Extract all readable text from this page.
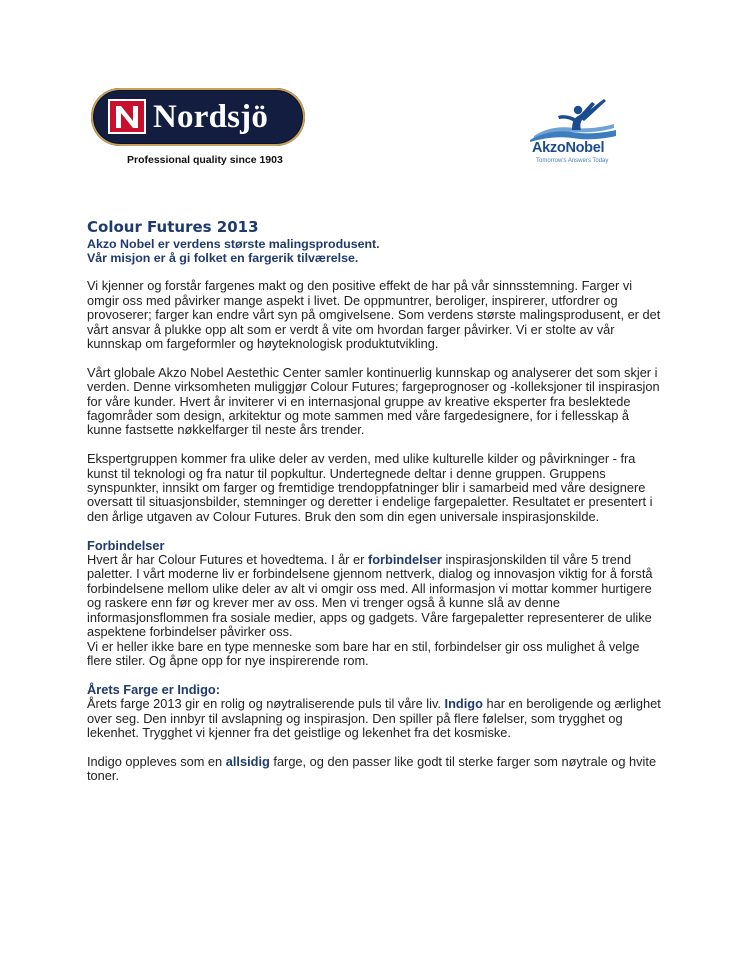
Nordsjö
Professional quality since 1903
AkzoNobel
Tomorrow's Answers Today
Colour Futures 2013
Akzo Nobel er verdens største malingsprodusent.
Vår misjon er å gi folket en fargerik tilværelse.

Vi kjenner og forstår fargenes makt og den positive effekt de har på vår sinnsstemning. Farger vi omgir oss med påvirker mange aspekt i livet. De oppmuntrer, beroliger, inspirerer, utfordrer og provoserer; farger kan endre vårt syn på omgivelsene. Som verdens største malingsprodusent, er det vårt ansvar å plukke opp alt som er verdt å vite om hvordan farger påvirker. Vi er stolte av vår kunnskap om fargeformler og høyteknologisk produktutvikling.

Vårt globale Akzo Nobel Aestethic Center samler kontinuerlig kunnskap og analyserer det som skjer i verden. Denne virksomheten muliggjør Colour Futures; fargeprognoser og -kolleksjoner til inspirasjon for våre kunder. Hvert år inviterer vi en internasjonal gruppe av kreative eksperter fra beslektede fagområder som design, arkitektur og mote sammen med våre fargedesignere, for i fellesskap å kunne fastsette nøkkelfarger til neste års trender.

Ekspertgruppen kommer fra ulike deler av verden, med ulike kulturelle kilder og påvirkninger - fra kunst til teknologi og fra natur til popkultur. Undertegnede deltar i denne gruppen. Gruppens synspunkter, innsikt om farger og fremtidige trendoppfatninger blir i samarbeid med våre designere oversatt til situasjonsbilder, stemninger og deretter i endelige fargepaletter. Resultatet er presentert i den årlige utgaven av Colour Futures. Bruk den som din egen universale inspirasjonskilde.

Forbindelser

Hvert år har Colour Futures et hovedtema. I år er forbindelser inspirasjonskilden til våre 5 trend paletter. I vårt moderne liv er forbindelsene gjennom nettverk, dialog og innovasjon viktig for å forstå forbindelsene mellom ulike deler av alt vi omgir oss med. All informasjon vi mottar kommer hurtigere og raskere enn før og krever mer av oss. Men vi trenger også å kunne slå av denne informasjonsflommen fra sosiale medier, apps og gadgets. Våre fargepaletter representerer de ulike aspektene forbindelser påvirker oss.

Vi er heller ikke bare en type menneske som bare har en stil, forbindelser gir oss mulighet å velge flere stiler. Og åpne opp for nye inspirerende rom.

Årets Farge er Indigo:

Årets farge 2013 gir en rolig og nøytraliserende puls til våre liv. Indigo har en beroligende og ærlighet over seg. Den innbyr til avslapning og inspirasjon. Den spiller på flere følelser, som trygghet og lekenhet. Trygghet vi kjenner fra det geistlige og lekenhet fra det kosmiske.

Indigo oppleves som en allsidig farge, og den passer like godt til sterke farger som nøytrale og hvite toner.
